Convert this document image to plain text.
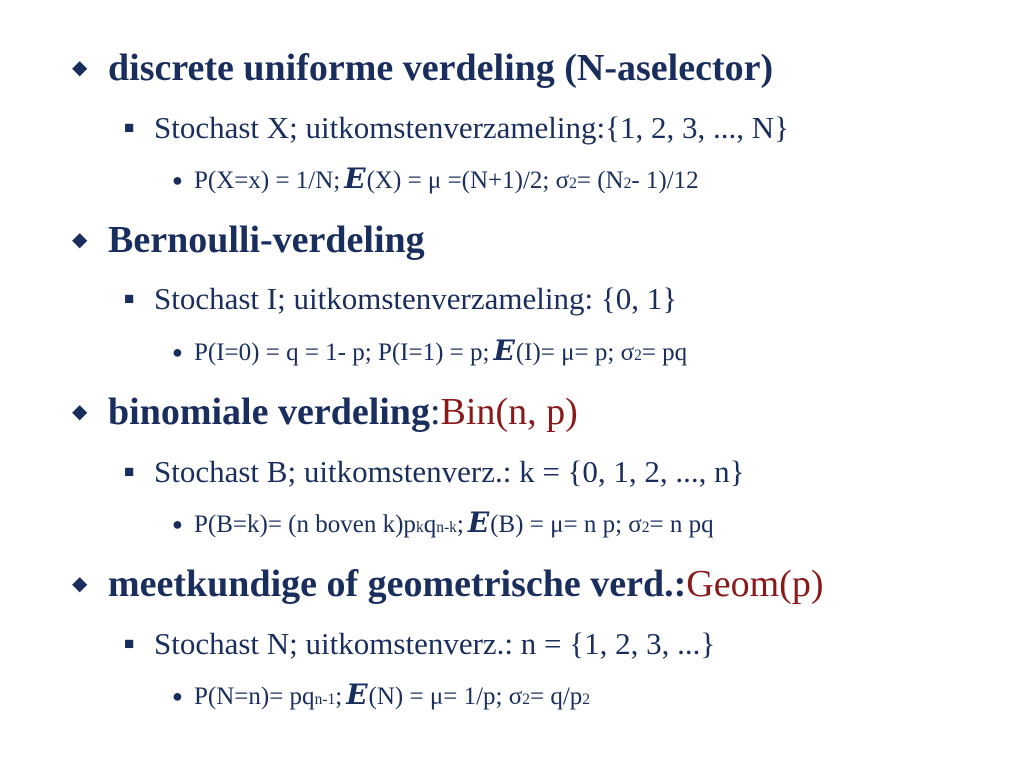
◆ discrete uniforme verdeling (N-aselector)
■ Stochast X; uitkomstenverzameling:{1, 2, 3, ..., N}
● P(X=x) = 1/N; E (X) = μ =(N+1)/2; σ 2 = (N 2 - 1)/12
◆ Bernoulli-verdeling
■ Stochast I; uitkomstenverzameling: {0, 1}
● P(I=0) = q = 1- p; P(I=1) = p; E (I)= μ= p; σ 2 = pq
◆ binomiale verdeling : Bin(n, p)
■ Stochast B; uitkomstenverz.: k = {0, 1, 2, ..., n}
● P(B=k)= (n boven k)p k q n-k ; E (B) = μ= n p; σ 2 = n pq
◆ meetkundige of geometrische verd.: Geom(p)
■ Stochast N; uitkomstenverz.: n = {1, 2, 3, ...}
● P(N=n)= pq n-1 ; E (N) = μ= 1/p; σ 2 = q/p 2
